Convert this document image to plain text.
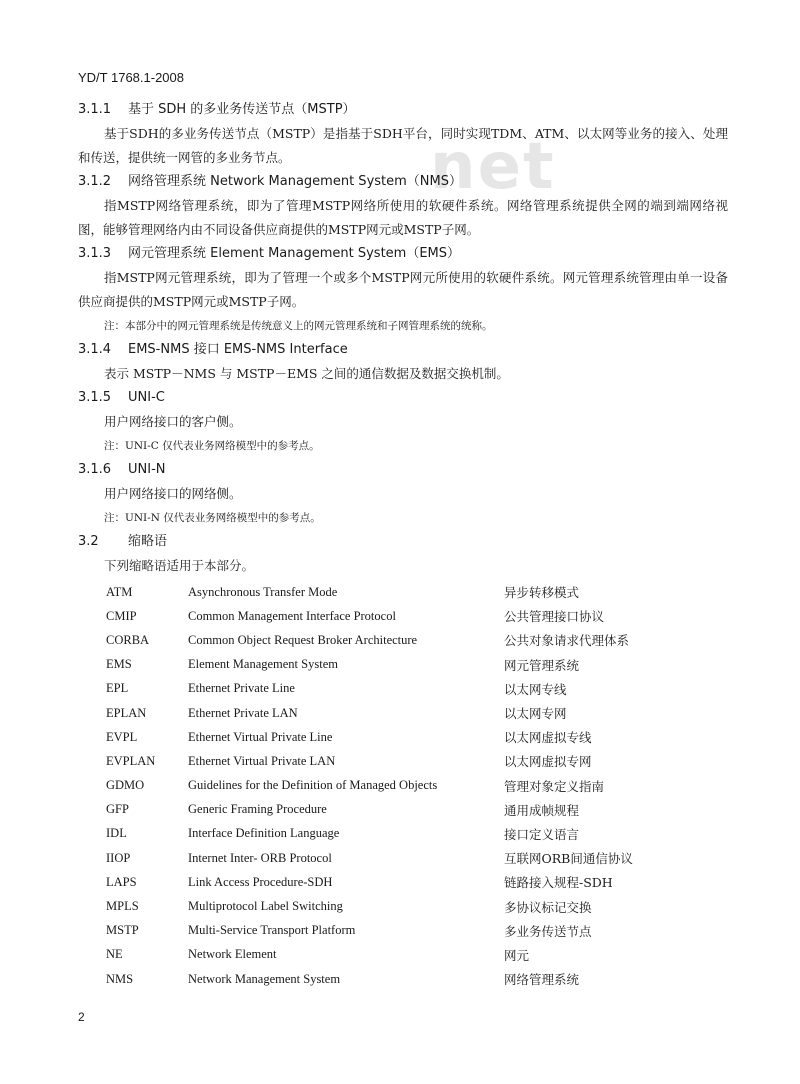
net
YD/T 1768.1-2008
3.1.1 基于 SDH 的多业务传送节点（MSTP）
基于SDH的多业务传送节点（MSTP）是指基于SDH平台，同时实现TDM、ATM、以太网等业务的接入、处理和传送，提供统一网管的多业务节点。
3.1.2 网络管理系统 Network Management System（NMS）
指MSTP网络管理系统，即为了管理MSTP网络所使用的软硬件系统。网络管理系统提供全网的端到端网络视图，能够管理网络内由不同设备供应商提供的MSTP网元或MSTP子网。
3.1.3 网元管理系统 Element Management System（EMS）
指MSTP网元管理系统，即为了管理一个或多个MSTP网元所使用的软硬件系统。网元管理系统管理由单一设备供应商提供的MSTP网元或MSTP子网。
注：本部分中的网元管理系统是传统意义上的网元管理系统和子网管理系统的统称。
3.1.4 EMS-NMS 接口 EMS-NMS Interface
表示 MSTP－NMS 与 MSTP－EMS 之间的通信数据及数据交换机制。
3.1.5 UNI-C
用户网络接口的客户侧。
注：UNI-C 仅代表业务网络模型中的参考点。
3.1.6 UNI-N
用户网络接口的网络侧。
注：UNI-N 仅代表业务网络模型中的参考点。
3.2 缩略语
下列缩略语适用于本部分。
ATM	Asynchronous Transfer Mode	异步转移模式
CMIP	Common Management Interface Protocol	公共管理接口协议
CORBA	Common Object Request Broker Architecture	公共对象请求代理体系
EMS	Element Management System	网元管理系统
EPL	Ethernet Private Line	以太网专线
EPLAN	Ethernet Private LAN	以太网专网
EVPL	Ethernet Virtual Private Line	以太网虚拟专线
EVPLAN	Ethernet Virtual Private LAN	以太网虚拟专网
GDMO	Guidelines for the Definition of Managed Objects	管理对象定义指南
GFP	Generic Framing Procedure	通用成帧规程
IDL	Interface Definition Language	接口定义语言
IIOP	Internet Inter- ORB Protocol	互联网ORB间通信协议
LAPS	Link Access Procedure-SDH	链路接入规程-SDH
MPLS	Multiprotocol Label Switching	多协议标记交换
MSTP	Multi-Service Transport Platform	多业务传送节点
NE	Network Element	网元
NMS	Network Management System	网络管理系统
2
